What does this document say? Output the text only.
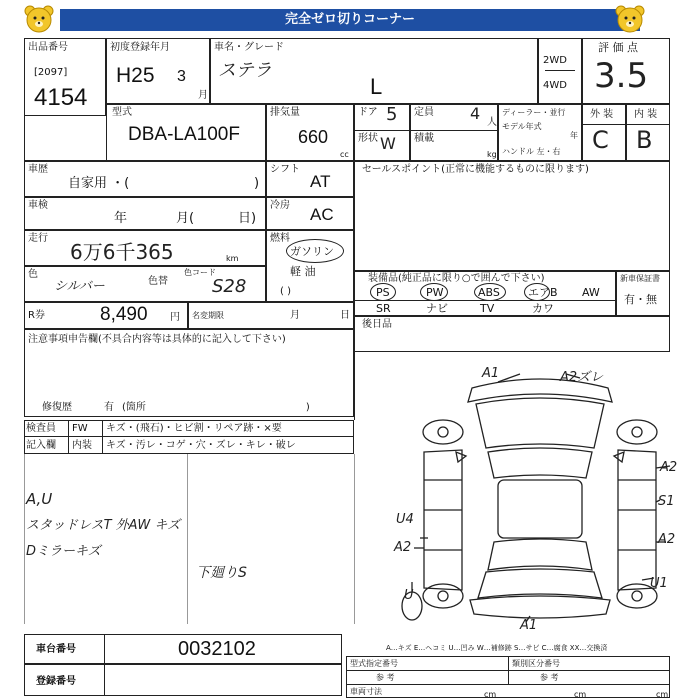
完全ゼロ切りコーナー
出品番号
[2097]
4154
初度登録年月
H25 3
月
車名・グレード
ステラ
L
2WD
4WD
評 価 点
3.5
型式
DBA-LA100F
排気量
660
cc
ドア 5
形状 W
定員 4 人
積載
kg
ディーラー・並行
モデル年式
年
ハンドル 左・右
外 装 内 装
C B
車歴
自家用 ・(	)
車検
年	月(	日)
走行
6万6千365	km
色
シルバー	色替
色コード
S28
R券	8,490 円 名変期限	月	日
注意事項申告欄(不具合内容等は具体的に記入して下さい)
修復歴	有 (箇所	)
検査員 FW キズ・(飛石)・ヒビ割・リペア跡・×要
記入欄 内装 キズ・汚レ・コゲ・穴・ズレ・キレ・破レ
A,U
スタッドレスT 外AW キズ
Dミラーキズ
下廻りS
シフト
AT
冷房 AC
燃料
ガソリン
軽 油
( )
セールスポイント(正常に機能するものに限ります)
装備品(純正品に限り○で囲んで下さい)
PS	PW	ABS	エアB AW
SR	ナビ	TV	カワ
新車保証書
有・無
後日品
A1	A2ズレ
A2
S1
U4
A2
A2
U1
U
A1
車台番号	0032102
登録番号
A…キズ E…ヘコミ U…凹み W…補修跡 S…サビ C…腐食 XX…交換済
型式指定番号	類別区分番号
参 考	参 考
車両寸法	cm	cm	cm
